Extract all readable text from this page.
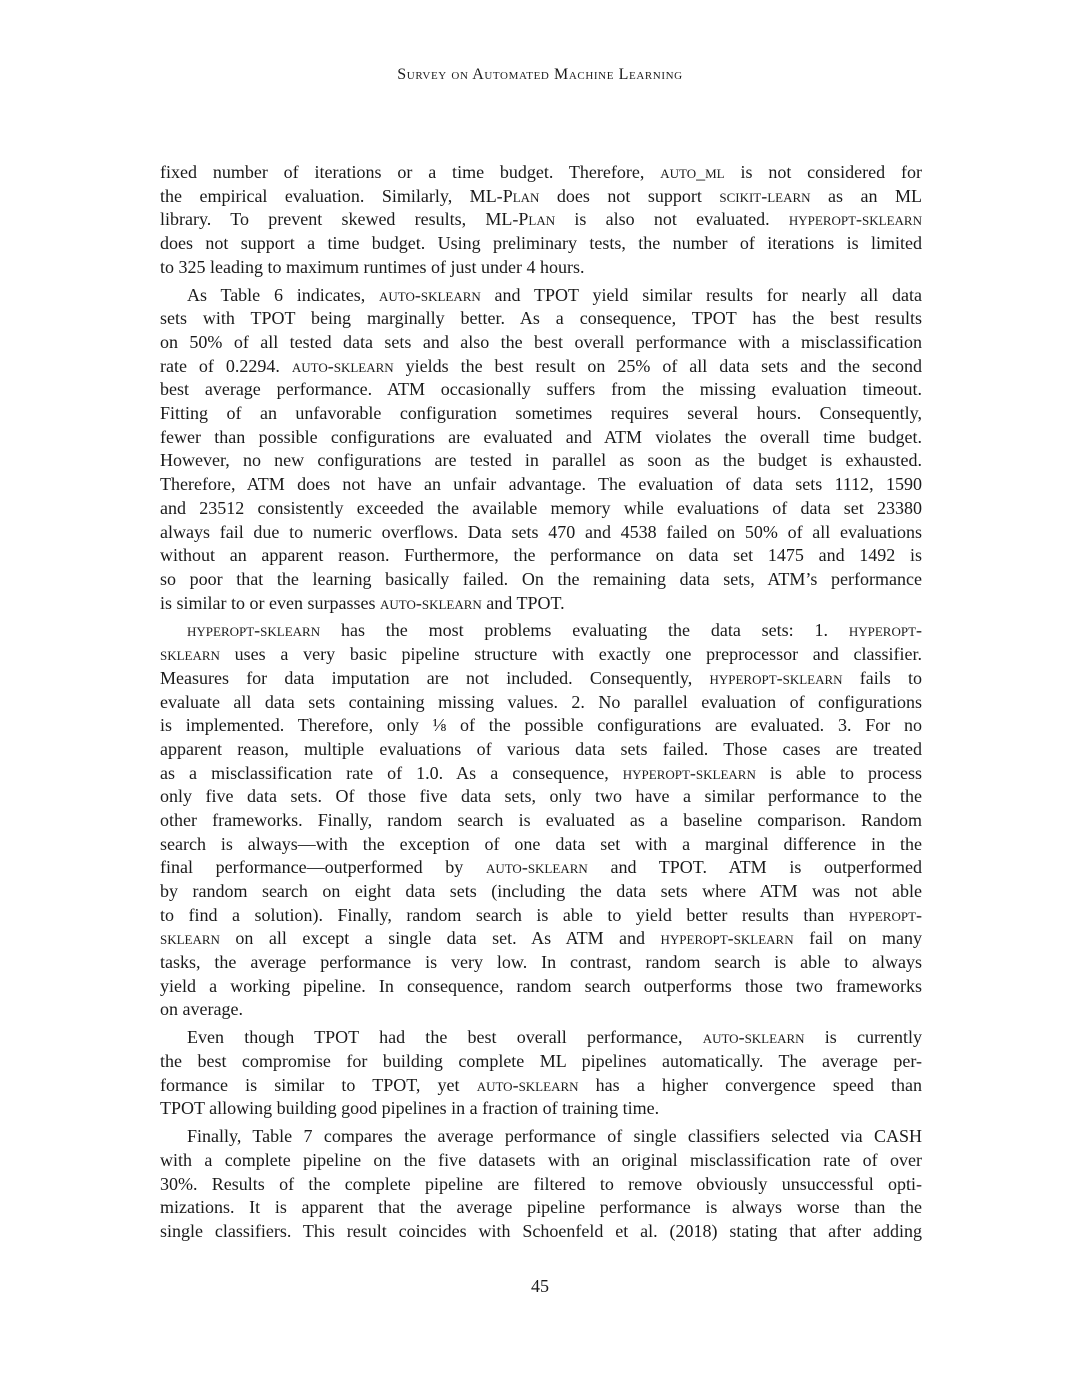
Survey on Automated Machine Learning
fixed number of iterations or a time budget. Therefore, auto_ml is not considered for
the empirical evaluation. Similarly, ML-Plan does not support scikit-learn as an ML
library. To prevent skewed results, ML-Plan is also not evaluated. hyperopt-sklearn
does not support a time budget. Using preliminary tests, the number of iterations is limited
to 325 leading to maximum runtimes of just under 4 hours.
As Table 6 indicates, auto-sklearn and TPOT yield similar results for nearly all data
sets with TPOT being marginally better. As a consequence, TPOT has the best results
on 50% of all tested data sets and also the best overall performance with a misclassification
rate of 0.2294. auto-sklearn yields the best result on 25% of all data sets and the second
best average performance. ATM occasionally suffers from the missing evaluation timeout.
Fitting of an unfavorable configuration sometimes requires several hours. Consequently,
fewer than possible configurations are evaluated and ATM violates the overall time budget.
However, no new configurations are tested in parallel as soon as the budget is exhausted.
Therefore, ATM does not have an unfair advantage. The evaluation of data sets 1112, 1590
and 23512 consistently exceeded the available memory while evaluations of data set 23380
always fail due to numeric overflows. Data sets 470 and 4538 failed on 50% of all evaluations
without an apparent reason. Furthermore, the performance on data set 1475 and 1492 is
so poor that the learning basically failed. On the remaining data sets, ATM’s performance
is similar to or even surpasses auto-sklearn and TPOT.
hyperopt-sklearn has the most problems evaluating the data sets: 1. hyperopt-
sklearn uses a very basic pipeline structure with exactly one preprocessor and classifier.
Measures for data imputation are not included. Consequently, hyperopt-sklearn fails to
evaluate all data sets containing missing values. 2. No parallel evaluation of configurations
is implemented. Therefore, only ⅛ of the possible configurations are evaluated. 3. For no
apparent reason, multiple evaluations of various data sets failed. Those cases are treated
as a misclassification rate of 1.0. As a consequence, hyperopt-sklearn is able to process
only five data sets. Of those five data sets, only two have a similar performance to the
other frameworks. Finally, random search is evaluated as a baseline comparison. Random
search is always—with the exception of one data set with a marginal difference in the
final performance—outperformed by auto-sklearn and TPOT. ATM is outperformed
by random search on eight data sets (including the data sets where ATM was not able
to find a solution). Finally, random search is able to yield better results than hyperopt-
sklearn on all except a single data set. As ATM and hyperopt-sklearn fail on many
tasks, the average performance is very low. In contrast, random search is able to always
yield a working pipeline. In consequence, random search outperforms those two frameworks
on average.
Even though TPOT had the best overall performance, auto-sklearn is currently
the best compromise for building complete ML pipelines automatically. The average per-
formance is similar to TPOT, yet auto-sklearn has a higher convergence speed than
TPOT allowing building good pipelines in a fraction of training time.
Finally, Table 7 compares the average performance of single classifiers selected via CASH
with a complete pipeline on the five datasets with an original misclassification rate of over
30%. Results of the complete pipeline are filtered to remove obviously unsuccessful opti-
mizations. It is apparent that the average pipeline performance is always worse than the
single classifiers. This result coincides with Schoenfeld et al. (2018) stating that after adding
45
